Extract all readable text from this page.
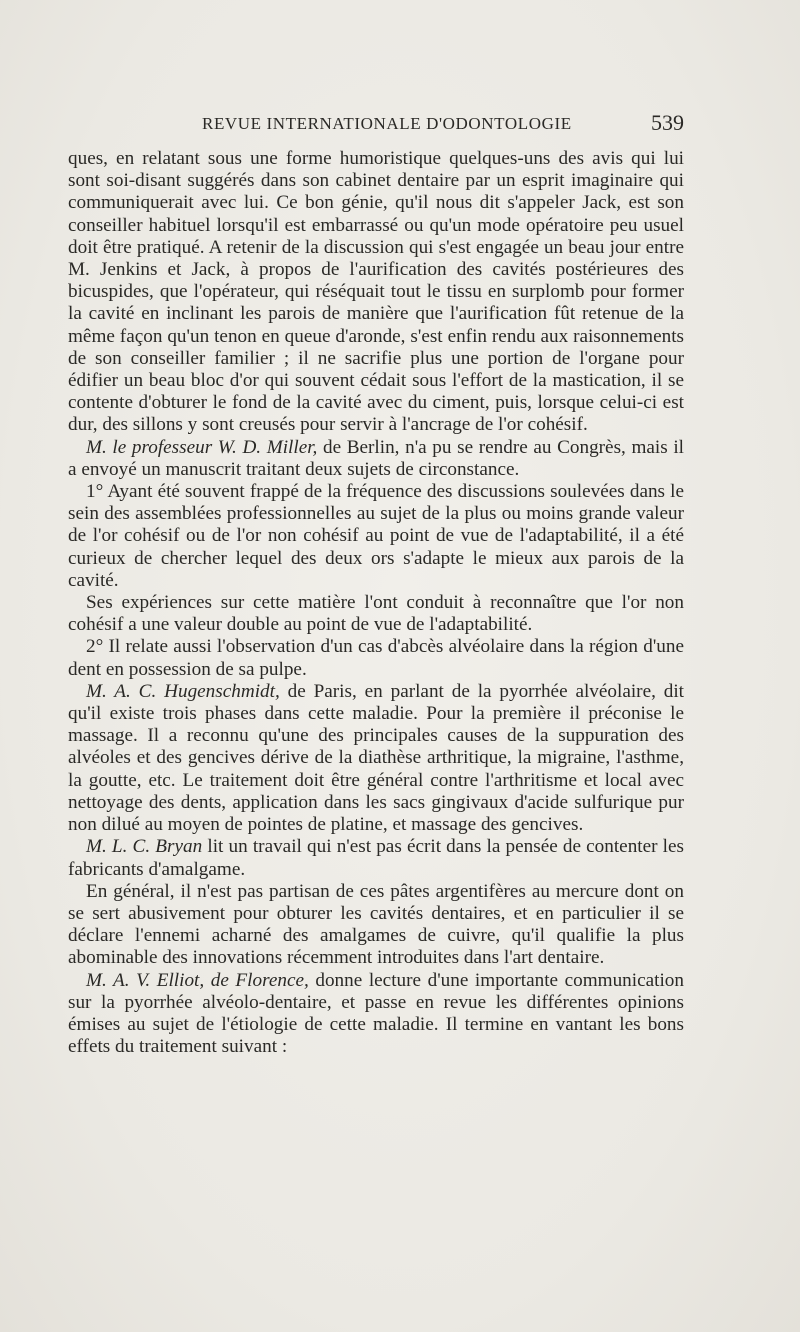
REVUE INTERNATIONALE D'ODONTOLOGIE	539

ques, en relatant sous une forme humoristique quelques-uns des avis qui lui sont soi-disant suggérés dans son cabinet dentaire par un esprit imaginaire qui communiquerait avec lui. Ce bon génie, qu'il nous dit s'appeler Jack, est son conseiller habituel lorsqu'il est embarrassé ou qu'un mode opératoire peu usuel doit être pratiqué. A retenir de la discussion qui s'est engagée un beau jour entre M. Jenkins et Jack, à propos de l'aurification des cavités postérieures des bicuspides, que l'opérateur, qui réséquait tout le tissu en surplomb pour former la cavité en inclinant les parois de manière que l'aurification fût retenue de la même façon qu'un tenon en queue d'aronde, s'est enfin rendu aux raisonnements de son conseiller familier ; il ne sacrifie plus une portion de l'organe pour édifier un beau bloc d'or qui souvent cédait sous l'effort de la mastication, il se contente d'obturer le fond de la cavité avec du ciment, puis, lorsque celui-ci est dur, des sillons y sont creusés pour servir à l'ancrage de l'or cohésif.

M. le professeur W. D. Miller, de Berlin, n'a pu se rendre au Congrès, mais il a envoyé un manuscrit traitant deux sujets de circonstance.

1° Ayant été souvent frappé de la fréquence des discussions soulevées dans le sein des assemblées professionnelles au sujet de la plus ou moins grande valeur de l'or cohésif ou de l'or non cohésif au point de vue de l'adaptabilité, il a été curieux de chercher lequel des deux ors s'adapte le mieux aux parois de la cavité.

Ses expériences sur cette matière l'ont conduit à reconnaître que l'or non cohésif a une valeur double au point de vue de l'adaptabilité.

2° Il relate aussi l'observation d'un cas d'abcès alvéolaire dans la région d'une dent en possession de sa pulpe.

M. A. C. Hugenschmidt, de Paris, en parlant de la pyorrhée alvéolaire, dit qu'il existe trois phases dans cette maladie. Pour la première il préconise le massage. Il a reconnu qu'une des principales causes de la suppuration des alvéoles et des gencives dérive de la diathèse arthritique, la migraine, l'asthme, la goutte, etc. Le traitement doit être général contre l'arthritisme et local avec nettoyage des dents, application dans les sacs gingivaux d'acide sulfurique pur non dilué au moyen de pointes de platine, et massage des gencives.

M. L. C. Bryan lit un travail qui n'est pas écrit dans la pensée de contenter les fabricants d'amalgame.

En général, il n'est pas partisan de ces pâtes argentifères au mercure dont on se sert abusivement pour obturer les cavités dentaires, et en particulier il se déclare l'ennemi acharné des amalgames de cuivre, qu'il qualifie la plus abominable des innovations récemment introduites dans l'art dentaire.

M. A. V. Elliot, de Florence, donne lecture d'une importante communication sur la pyorrhée alvéolo-dentaire, et passe en revue les différentes opinions émises au sujet de l'étiologie de cette maladie. Il termine en vantant les bons effets du traitement suivant :
